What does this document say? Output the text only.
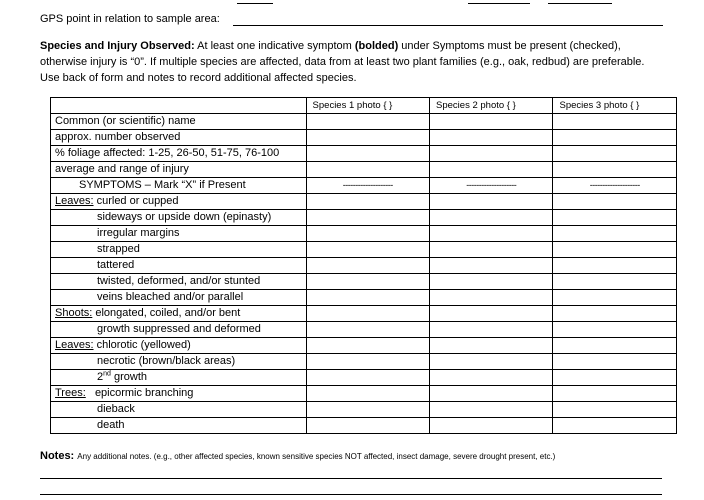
GPS point in relation to sample area:
Species and Injury Observed: At least one indicative symptom (bolded) under Symptoms must be present (checked), otherwise injury is “0”. If multiple species are affected, data from at least two plant families (e.g., oak, redbud) are preferable. Use back of form and notes to record additional affected species.
	Species 1 photo { }	Species 2 photo { }	Species 3 photo { }
Common (or scientific) name			
approx. number observed			
% foliage affected: 1-25, 26-50, 51-75, 76-100			
average and range of injury			
SYMPTOMS – Mark “X” if Present	--------------------	--------------------	--------------------
Leaves: curled or cupped			
sideways or upside down (epinasty)			
irregular margins			
strapped			
tattered			
twisted, deformed, and/or stunted			
veins bleached and/or parallel			
Shoots: elongated, coiled, and/or bent			
growth suppressed and deformed			
Leaves: chlorotic (yellowed)			
necrotic (brown/black areas)			
2nd growth			
Trees: epicormic branching			
dieback			
death			
Notes: Any additional notes. (e.g., other affected species, known sensitive species NOT affected, insect damage, severe drought present, etc.)
